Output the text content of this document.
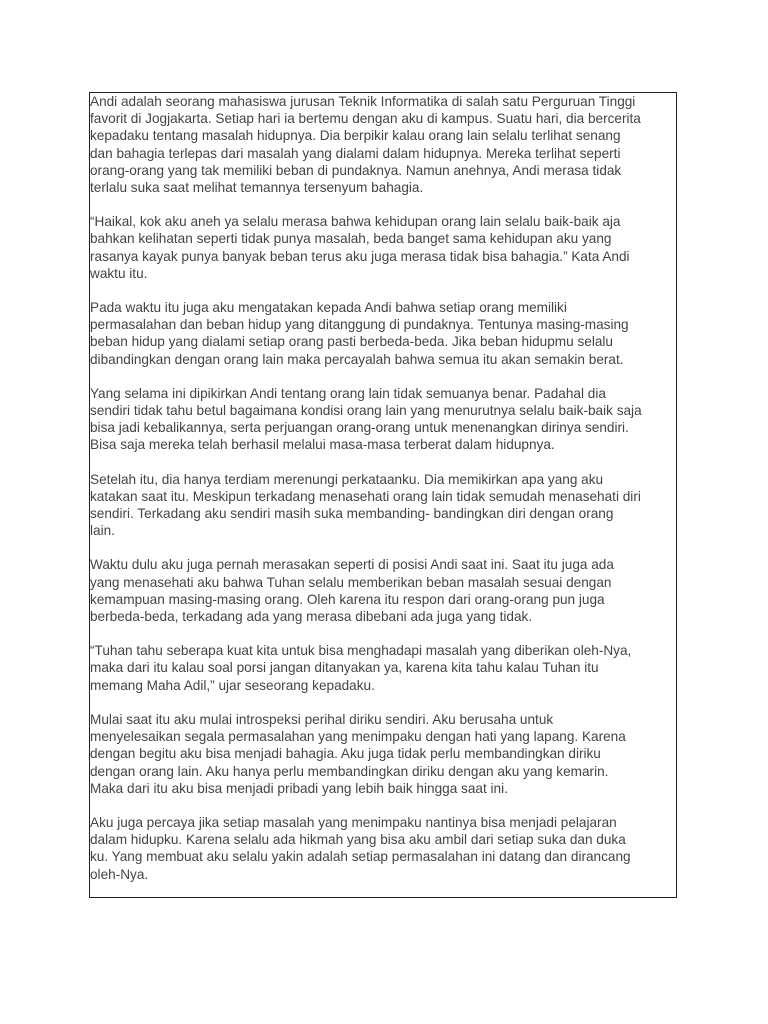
Andi adalah seorang mahasiswa jurusan Teknik Informatika di salah satu Perguruan Tinggi
favorit di Jogjakarta. Setiap hari ia bertemu dengan aku di kampus. Suatu hari, dia bercerita
kepadaku tentang masalah hidupnya. Dia berpikir kalau orang lain selalu terlihat senang
dan bahagia terlepas dari masalah yang dialami dalam hidupnya. Mereka terlihat seperti
orang-orang yang tak memiliki beban di pundaknya. Namun anehnya, Andi merasa tidak
terlalu suka saat melihat temannya tersenyum bahagia.

“Haikal, kok aku aneh ya selalu merasa bahwa kehidupan orang lain selalu baik-baik aja
bahkan kelihatan seperti tidak punya masalah, beda banget sama kehidupan aku yang
rasanya kayak punya banyak beban terus aku juga merasa tidak bisa bahagia.” Kata Andi
waktu itu.

Pada waktu itu juga aku mengatakan kepada Andi bahwa setiap orang memiliki
permasalahan dan beban hidup yang ditanggung di pundaknya. Tentunya masing-masing
beban hidup yang dialami setiap orang pasti berbeda-beda. Jika beban hidupmu selalu
dibandingkan dengan orang lain maka percayalah bahwa semua itu akan semakin berat.

Yang selama ini dipikirkan Andi tentang orang lain tidak semuanya benar. Padahal dia
sendiri tidak tahu betul bagaimana kondisi orang lain yang menurutnya selalu baik-baik saja
bisa jadi kebalikannya, serta perjuangan orang-orang untuk menenangkan dirinya sendiri.
Bisa saja mereka telah berhasil melalui masa-masa terberat dalam hidupnya.

Setelah itu, dia hanya terdiam merenungi perkataanku. Dia memikirkan apa yang aku
katakan saat itu. Meskipun terkadang menasehati orang lain tidak semudah menasehati diri
sendiri. Terkadang aku sendiri masih suka membanding- bandingkan diri dengan orang
lain.

Waktu dulu aku juga pernah merasakan seperti di posisi Andi saat ini. Saat itu juga ada
yang menasehati aku bahwa Tuhan selalu memberikan beban masalah sesuai dengan
kemampuan masing-masing orang. Oleh karena itu respon dari orang-orang pun juga
berbeda-beda, terkadang ada yang merasa dibebani ada juga yang tidak.

“Tuhan tahu seberapa kuat kita untuk bisa menghadapi masalah yang diberikan oleh-Nya,
maka dari itu kalau soal porsi jangan ditanyakan ya, karena kita tahu kalau Tuhan itu
memang Maha Adil,” ujar seseorang kepadaku.

Mulai saat itu aku mulai introspeksi perihal diriku sendiri. Aku berusaha untuk
menyelesaikan segala permasalahan yang menimpaku dengan hati yang lapang. Karena
dengan begitu aku bisa menjadi bahagia. Aku juga tidak perlu membandingkan diriku
dengan orang lain. Aku hanya perlu membandingkan diriku dengan aku yang kemarin.
Maka dari itu aku bisa menjadi pribadi yang lebih baik hingga saat ini.

Aku juga percaya jika setiap masalah yang menimpaku nantinya bisa menjadi pelajaran
dalam hidupku. Karena selalu ada hikmah yang bisa aku ambil dari setiap suka dan duka
ku. Yang membuat aku selalu yakin adalah setiap permasalahan ini datang dan dirancang
oleh-Nya.
